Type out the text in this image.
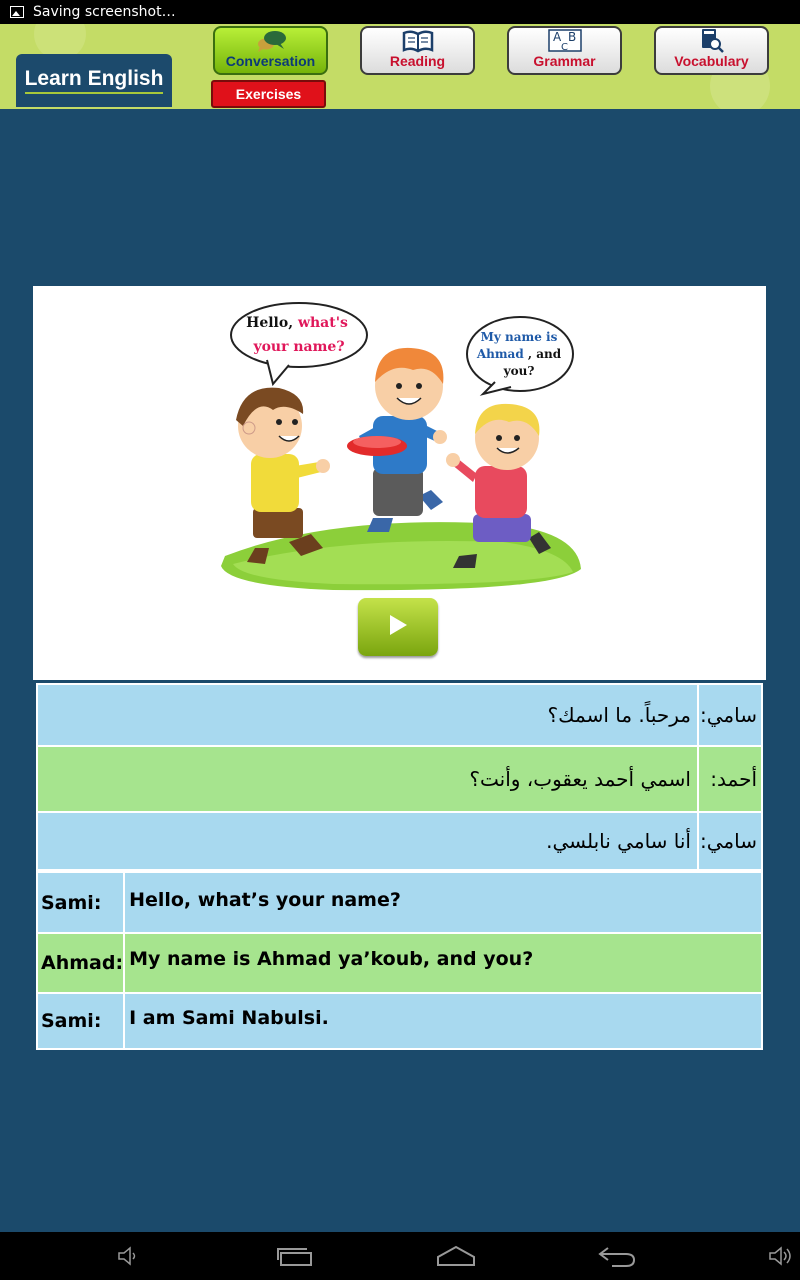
Saving screenshot…
Learn English
Conversation	Reading
A B
C
Grammar	Vocabulary
Exercises
Hello, what's
your name?
My name is
Ahmad , and
you?
مرحباً. ما اسمك؟	سامي:
اسمي أحمد يعقوب، وأنت؟	أحمد:
أنا سامي نابلسي.	سامي:
Sami:	Hello, what’s your name?
Ahmad:	My name is Ahmad ya’koub, and you?
Sami:	I am Sami Nabulsi.
